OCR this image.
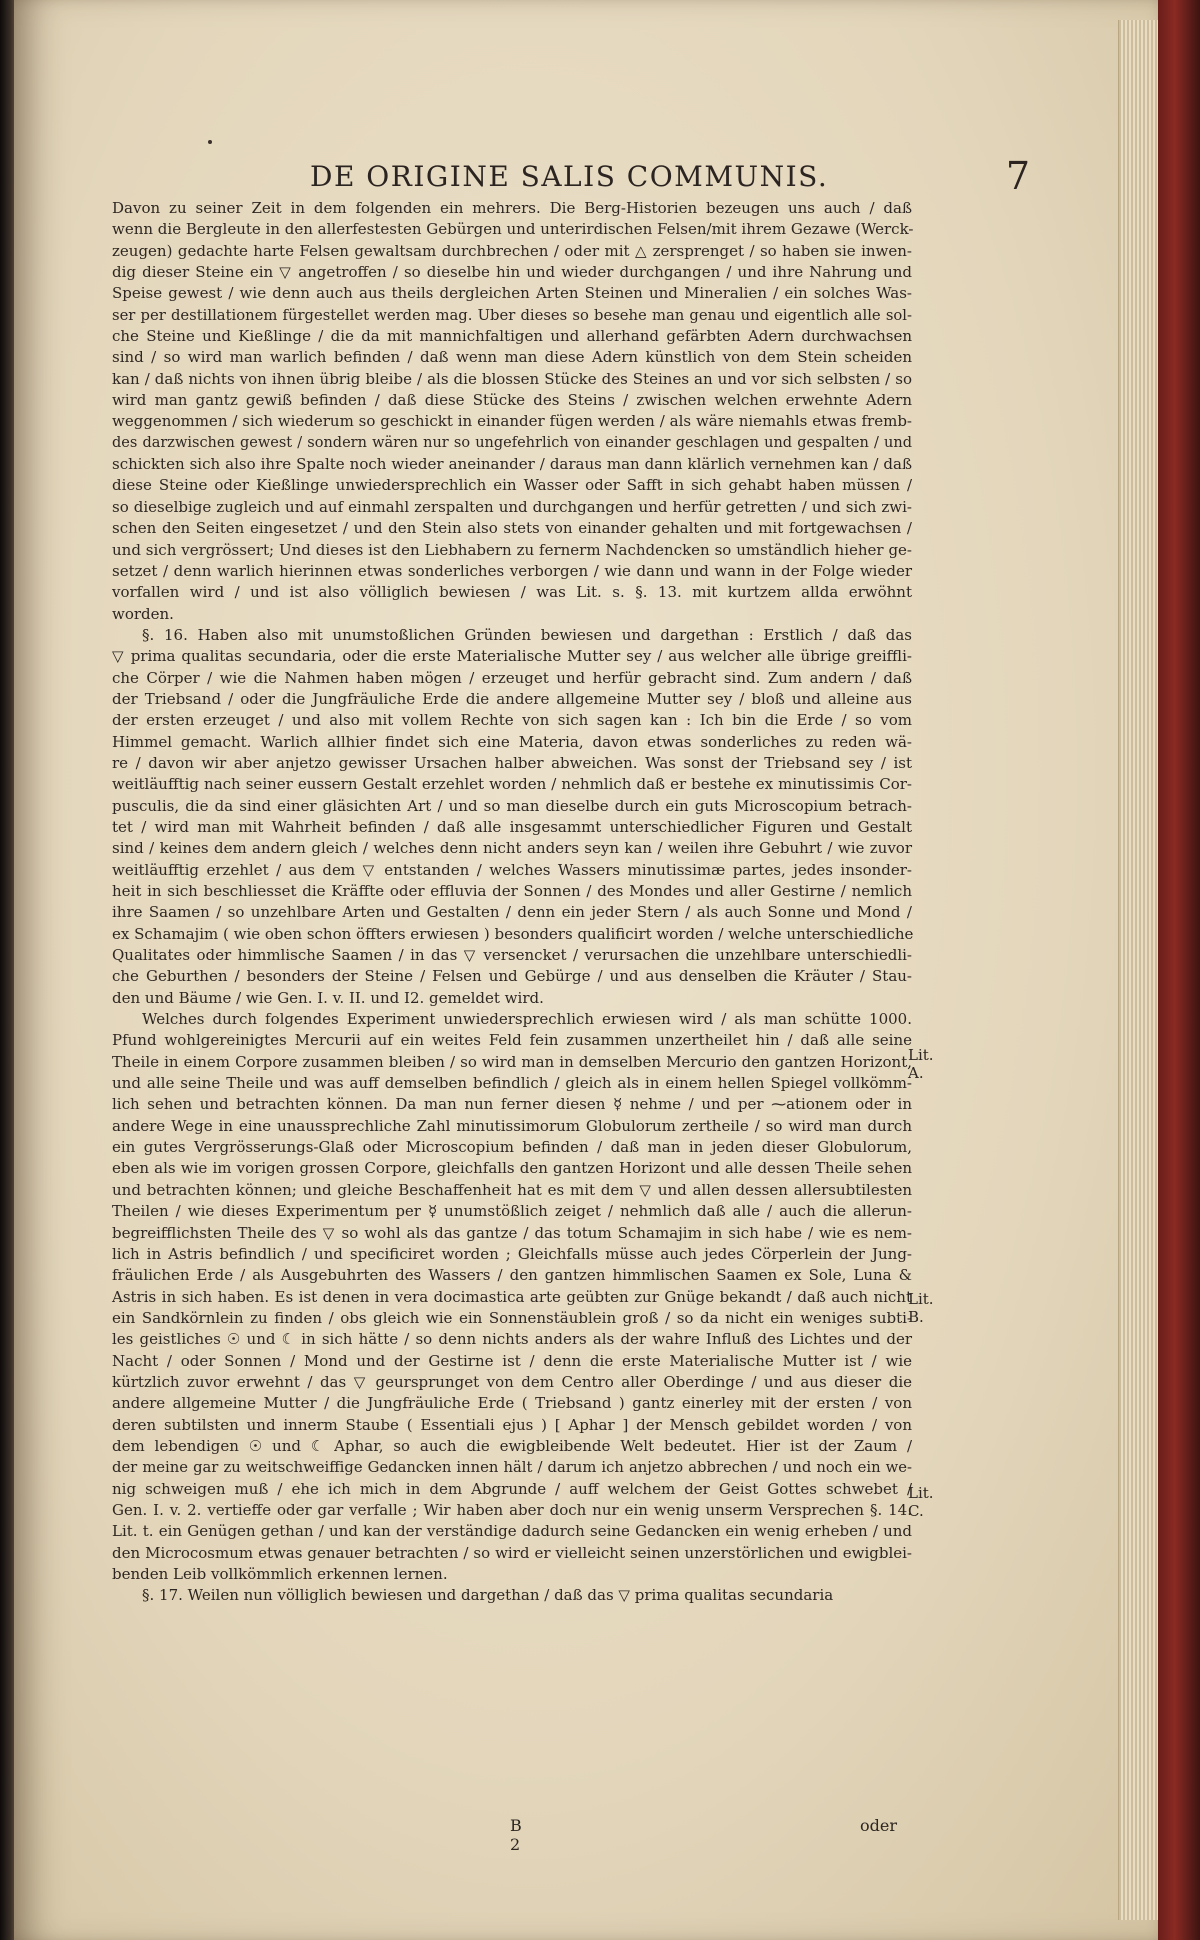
DE ORIGINE SALIS COMMUNIS.	7
Davon zu seiner Zeit in dem folgenden ein mehrers. Die Berg-Historien bezeugen uns auch / daß
wenn die Bergleute in den allerfestesten Gebürgen und unterirdischen Felsen/mit ihrem Gezawe (Werck-
zeugen) gedachte harte Felsen gewaltsam durchbrechen / oder mit △ zersprenget / so haben sie inwen-
dig dieser Steine ein ▽ angetroffen / so dieselbe hin und wieder durchgangen / und ihre Nahrung und
Speise gewest / wie denn auch aus theils dergleichen Arten Steinen und Mineralien / ein solches Was-
ser per destillationem fürgestellet werden mag. Uber dieses so besehe man genau und eigentlich alle sol-
che Steine und Kießlinge / die da mit mannichfaltigen und allerhand gefärbten Adern durchwachsen
sind / so wird man warlich befinden / daß wenn man diese Adern künstlich von dem Stein scheiden
kan / daß nichts von ihnen übrig bleibe / als die blossen Stücke des Steines an und vor sich selbsten / so
wird man gantz gewiß befinden / daß diese Stücke des Steins / zwischen welchen erwehnte Adern
weggenommen / sich wiederum so geschickt in einander fügen werden / als wäre niemahls etwas fremb-
des darzwischen gewest / sondern wären nur so ungefehrlich von einander geschlagen und gespalten / und
schickten sich also ihre Spalte noch wieder aneinander / daraus man dann klärlich vernehmen kan / daß
diese Steine oder Kießlinge unwiedersprechlich ein Wasser oder Safft in sich gehabt haben müssen /
so dieselbige zugleich und auf einmahl zerspalten und durchgangen und herfür getretten / und sich zwi-
schen den Seiten eingesetzet / und den Stein also stets von einander gehalten und mit fortgewachsen /
und sich vergrössert; Und dieses ist den Liebhabern zu fernerm Nachdencken so umständlich hieher ge-
setzet / denn warlich hierinnen etwas sonderliches verborgen / wie dann und wann in der Folge wieder
vorfallen wird / und ist also völliglich bewiesen / was Lit. s. §. 13. mit kurtzem allda erwöhnt
worden.
§. 16. Haben also mit unumstoßlichen Gründen bewiesen und dargethan : Erstlich / daß das
▽ prima qualitas secundaria, oder die erste Materialische Mutter sey / aus welcher alle übrige greiffli-
che Cörper / wie die Nahmen haben mögen / erzeuget und herfür gebracht sind. Zum andern / daß
der Triebsand / oder die Jungfräuliche Erde die andere allgemeine Mutter sey / bloß und alleine aus
der ersten erzeuget / und also mit vollem Rechte von sich sagen kan : Ich bin die Erde / so vom
Himmel gemacht. Warlich allhier findet sich eine Materia, davon etwas sonderliches zu reden wä-
re / davon wir aber anjetzo gewisser Ursachen halber abweichen. Was sonst der Triebsand sey / ist
weitläufftig nach seiner eussern Gestalt erzehlet worden / nehmlich daß er bestehe ex minutissimis Cor-
pusculis, die da sind einer gläsichten Art / und so man dieselbe durch ein guts Microscopium betrach-
tet / wird man mit Wahrheit befinden / daß alle insgesammt unterschiedlicher Figuren und Gestalt
sind / keines dem andern gleich / welches denn nicht anders seyn kan / weilen ihre Gebuhrt / wie zuvor
weitläufftig erzehlet / aus dem ▽ entstanden / welches Wassers minutissimæ partes, jedes insonder-
heit in sich beschliesset die Kräffte oder effluvia der Sonnen / des Mondes und aller Gestirne / nemlich
ihre Saamen / so unzehlbare Arten und Gestalten / denn ein jeder Stern / als auch Sonne und Mond /
ex Schamajim ( wie oben schon öffters erwiesen ) besonders qualificirt worden / welche unterschiedliche
Qualitates oder himmlische Saamen / in das ▽ versencket / verursachen die unzehlbare unterschiedli-
che Geburthen / besonders der Steine / Felsen und Gebürge / und aus denselben die Kräuter / Stau-
den und Bäume / wie Gen. I. v. II. und I2. gemeldet wird.
Welches durch folgendes Experiment unwiedersprechlich erwiesen wird / als man schütte 1000.
Pfund wohlgereinigtes Mercurii auf ein weites Feld fein zusammen unzertheilet hin / daß alle seine
Theile in einem Corpore zusammen bleiben / so wird man in demselben Mercurio den gantzen Horizont,
und alle seine Theile und was auff demselben befindlich / gleich als in einem hellen Spiegel vollkömm-
lich sehen und betrachten können. Da man nun ferner diesen ☿ nehme / und per ⁓ationem oder in
andere Wege in eine unaussprechliche Zahl minutissimorum Globulorum zertheile / so wird man durch
ein gutes Vergrösserungs-Glaß oder Microscopium befinden / daß man in jeden dieser Globulorum,
eben als wie im vorigen grossen Corpore, gleichfalls den gantzen Horizont und alle dessen Theile sehen
und betrachten können; und gleiche Beschaffenheit hat es mit dem ▽ und allen dessen allersubtilesten
Theilen / wie dieses Experimentum per ☿ unumstößlich zeiget / nehmlich daß alle / auch die allerun-
begreifflichsten Theile des ▽ so wohl als das gantze / das totum Schamajim in sich habe / wie es nem-
lich in Astris befindlich / und specificiret worden ; Gleichfalls müsse auch jedes Cörperlein der Jung-
fräulichen Erde / als Ausgebuhrten des Wassers / den gantzen himmlischen Saamen ex Sole, Luna &
Astris in sich haben. Es ist denen in vera docimastica arte geübten zur Gnüge bekandt / daß auch nicht
ein Sandkörnlein zu finden / obs gleich wie ein Sonnenstäublein groß / so da nicht ein weniges subti-
les geistliches ☉ und ☾ in sich hätte / so denn nichts anders als der wahre Influß des Lichtes und der
Nacht / oder Sonnen / Mond und der Gestirne ist / denn die erste Materialische Mutter ist / wie
kürtzlich zuvor erwehnt / das ▽ geursprunget von dem Centro aller Oberdinge / und aus dieser die
andere allgemeine Mutter / die Jungfräuliche Erde ( Triebsand ) gantz einerley mit der ersten / von
deren subtilsten und innerm Staube ( Essentiali ejus ) [ Aphar ] der Mensch gebildet worden / von
dem lebendigen ☉ und ☾ Aphar, so auch die ewigbleibende Welt bedeutet. Hier ist der Zaum /
der meine gar zu weitschweiffige Gedancken innen hält / darum ich anjetzo abbrechen / und noch ein we-
nig schweigen muß / ehe ich mich in dem Abgrunde / auff welchem der Geist Gottes schwebet /
Gen. I. v. 2. vertieffe oder gar verfalle ; Wir haben aber doch nur ein wenig unserm Versprechen §. 14.
Lit. t. ein Genügen gethan / und kan der verständige dadurch seine Gedancken ein wenig erheben / und
den Microcosmum etwas genauer betrachten / so wird er vielleicht seinen unzerstörlichen und ewigblei-
benden Leib vollkömmlich erkennen lernen.
§. 17. Weilen nun völliglich bewiesen und dargethan / daß das ▽ prima qualitas secundaria
Lit. A.
Lit. B.
Lit. C.
B 2
oder
